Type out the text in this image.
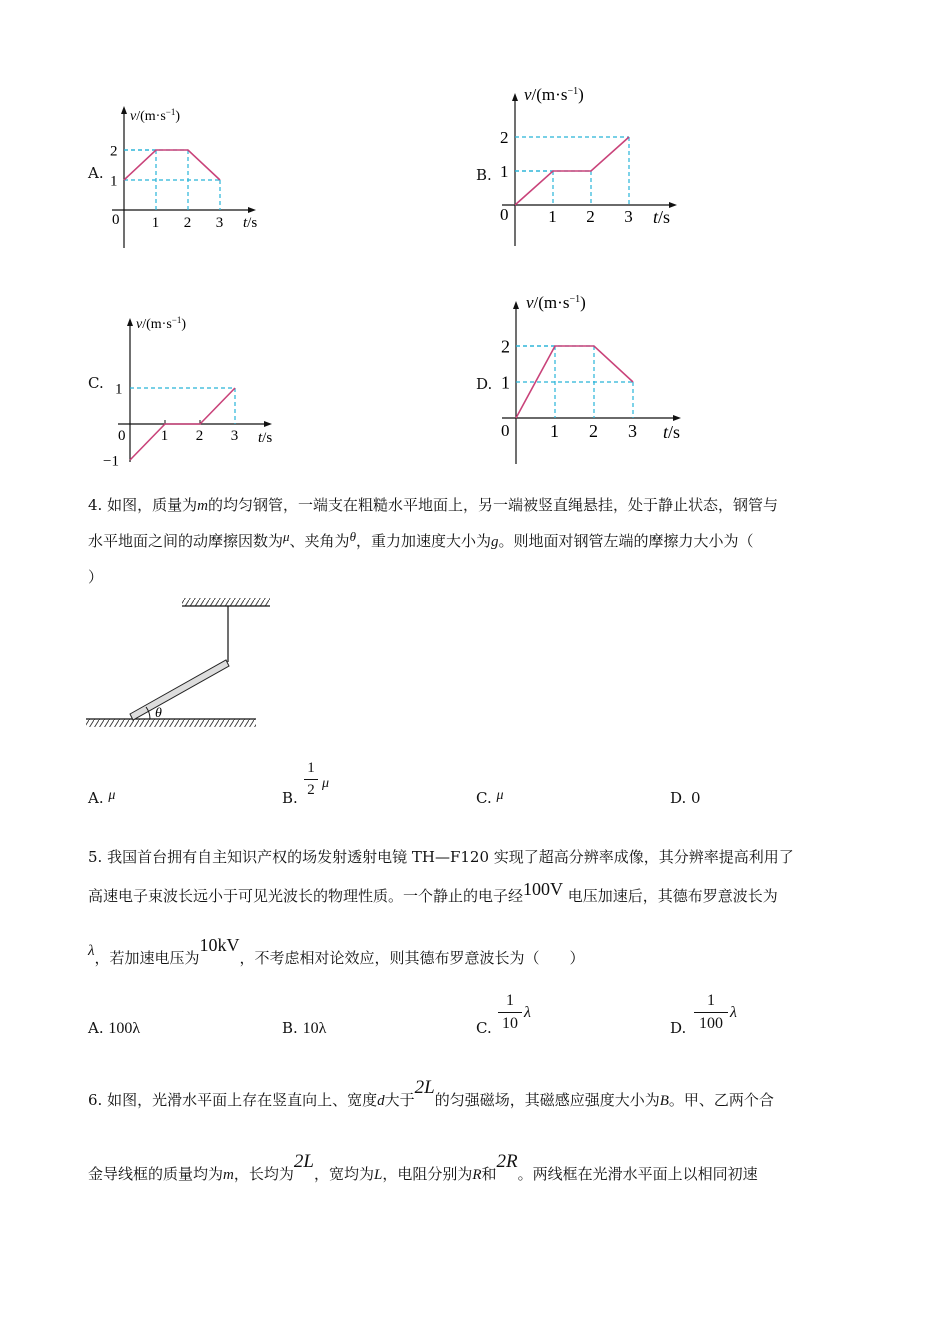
A.
$v/(m\cdot s^{-1})$
t/s
0 1 2 3
1
2
B.
$v/(m\cdot s^{-1})$
t/s
0 1 2 3
1
2
C.
$v/(m\cdot s^{-1})$
t/s
0 1 2 3
1
−1
D.
$v/(m\cdot s^{-1})$
t/s
0 1 2 3
1
2
4. 如图，质量为m的均匀钢管，一端支在粗糙水平地面上，另一端被竖直绳悬挂，处于静止状态，钢管与
水平地面之间的动摩擦因数为μ、夹角为θ，重力加速度大小为g。则地面对钢管左端的摩擦力大小为（
）
θ
A. μ	B.
1
2 μ
C. μ	D. 0
5. 我国首台拥有自主知识产权的场发射透射电镜 TH—F120 实现了超高分辨率成像，其分辨率提高利用了
高速电子束波长远小于可见光波长的物理性质。一个静止的电子经100V 电压加速后，其德布罗意波长为
λ，若加速电压为10kV，不考虑相对论效应，则其德布罗意波长为（　　）
A. 100λ	B. 10λ	C.
1
10
λ
D.
1
100
λ
6. 如图，光滑水平面上存在竖直向上、宽度d大于2L的匀强磁场，其磁感应强度大小为B。甲、乙两个合
金导线框的质量均为m，长均为2L，宽均为L，电阻分别为R和2R。两线框在光滑水平面上以相同初速
